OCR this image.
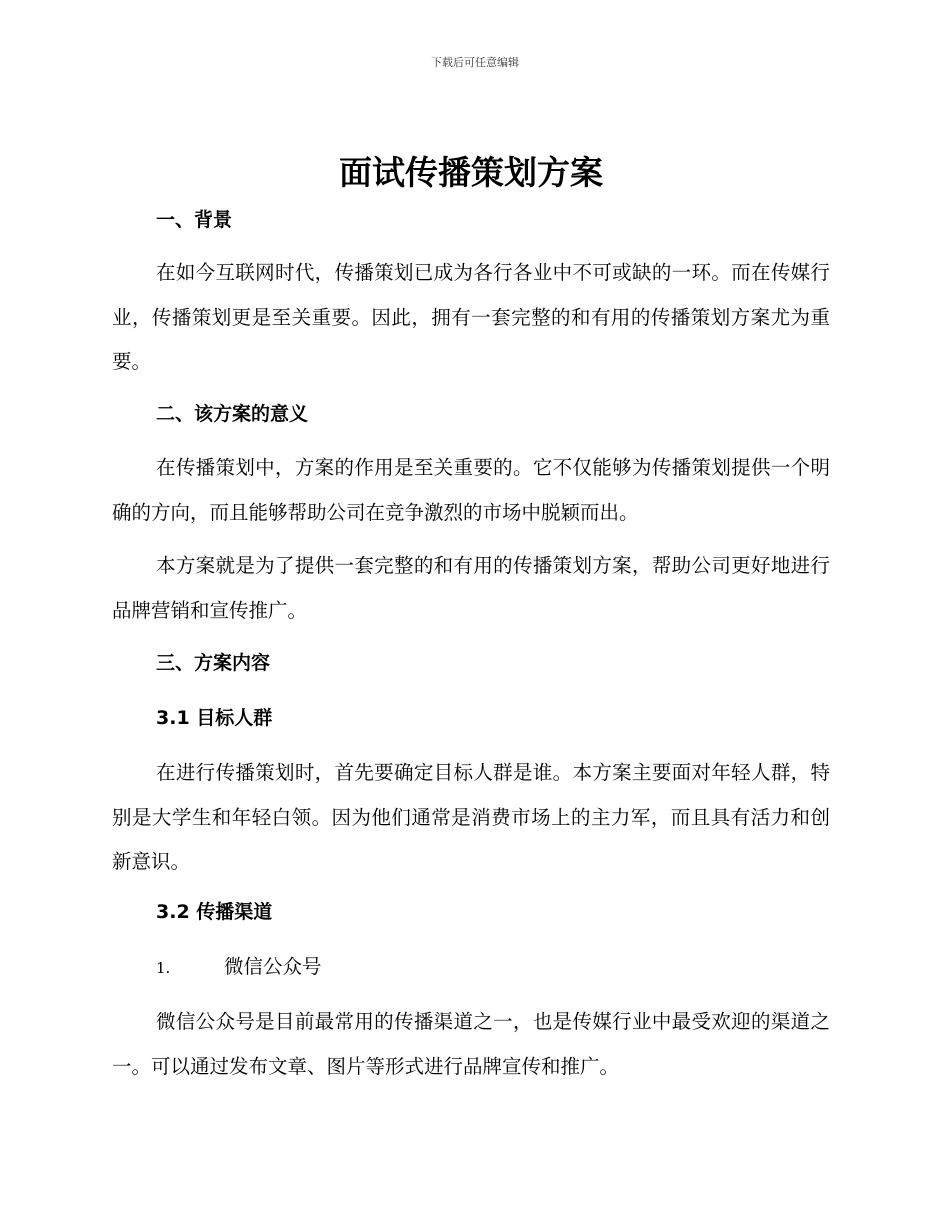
下载后可任意编辑
面试传播策划方案
一、背景
在如今互联网时代，传播策划已成为各行各业中不可或缺的一环。而在传媒行业，传播策划更是至关重要。因此，拥有一套完整的和有用的传播策划方案尤为重要。
二、该方案的意义
在传播策划中，方案的作用是至关重要的。它不仅能够为传播策划提供一个明确的方向，而且能够帮助公司在竞争激烈的市场中脱颖而出。
本方案就是为了提供一套完整的和有用的传播策划方案，帮助公司更好地进行品牌营销和宣传推广。
三、方案内容
3.1 目标人群
在进行传播策划时，首先要确定目标人群是谁。本方案主要面对年轻人群，特别是大学生和年轻白领。因为他们通常是消费市场上的主力军，而且具有活力和创新意识。
3.2 传播渠道
1.	微信公众号
微信公众号是目前最常用的传播渠道之一，也是传媒行业中最受欢迎的渠道之一。可以通过发布文章、图片等形式进行品牌宣传和推广。
